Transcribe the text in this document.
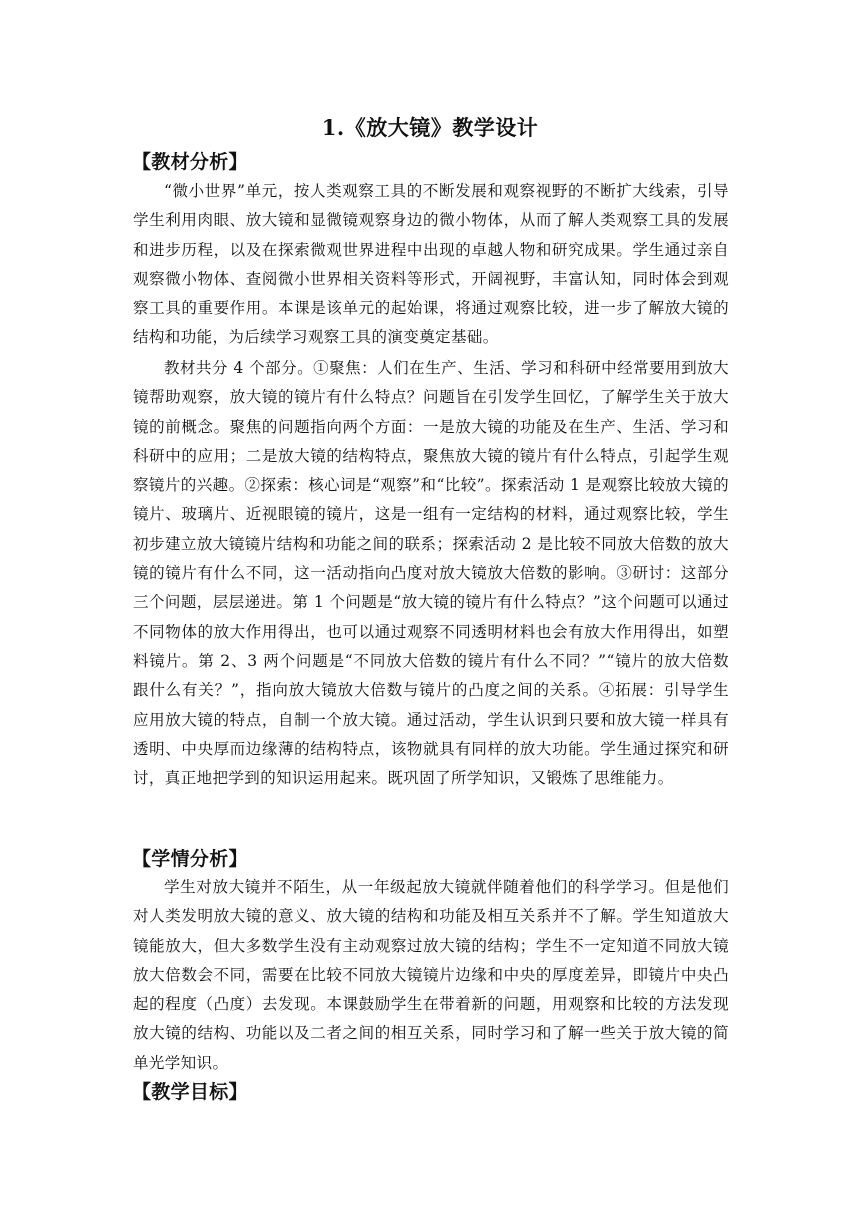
1.《放大镜》教学设计
【教材分析】

“微小世界”单元，按人类观察工具的不断发展和观察视野的不断扩大线索，引导学生利用肉眼、放大镜和显微镜观察身边的微小物体，从而了解人类观察工具的发展和进步历程，以及在探索微观世界进程中出现的卓越人物和研究成果。学生通过亲自观察微小物体、查阅微小世界相关资料等形式，开阔视野，丰富认知，同时体会到观察工具的重要作用。本课是该单元的起始课，将通过观察比较，进一步了解放大镜的结构和功能，为后续学习观察工具的演变奠定基础。

教材共分 4 个部分。①聚焦：人们在生产、生活、学习和科研中经常要用到放大镜帮助观察，放大镜的镜片有什么特点？问题旨在引发学生回忆，了解学生关于放大镜的前概念。聚焦的问题指向两个方面：一是放大镜的功能及在生产、生活、学习和科研中的应用；二是放大镜的结构特点，聚焦放大镜的镜片有什么特点，引起学生观察镜片的兴趣。②探索：核心词是“观察”和“比较”。探索活动 1 是观察比较放大镜的镜片、玻璃片、近视眼镜的镜片，这是一组有一定结构的材料，通过观察比较，学生初步建立放大镜镜片结构和功能之间的联系；探索活动 2 是比较不同放大倍数的放大镜的镜片有什么不同，这一活动指向凸度对放大镜放大倍数的影响。③研讨：这部分三个问题，层层递进。第 1 个问题是“放大镜的镜片有什么特点？”这个问题可以通过不同物体的放大作用得出，也可以通过观察不同透明材料也会有放大作用得出，如塑料镜片。第 2、3 两个问题是“不同放大倍数的镜片有什么不同？”“镜片的放大倍数跟什么有关？”，指向放大镜放大倍数与镜片的凸度之间的关系。④拓展：引导学生应用放大镜的特点，自制一个放大镜。通过活动，学生认识到只要和放大镜一样具有透明、中央厚而边缘薄的结构特点，该物就具有同样的放大功能。学生通过探究和研讨，真正地把学到的知识运用起来。既巩固了所学知识，又锻炼了思维能力。

【学情分析】

学生对放大镜并不陌生，从一年级起放大镜就伴随着他们的科学学习。但是他们对人类发明放大镜的意义、放大镜的结构和功能及相互关系并不了解。学生知道放大镜能放大，但大多数学生没有主动观察过放大镜的结构；学生不一定知道不同放大镜放大倍数会不同，需要在比较不同放大镜镜片边缘和中央的厚度差异，即镜片中央凸起的程度（凸度）去发现。本课鼓励学生在带着新的问题，用观察和比较的方法发现放大镜的结构、功能以及二者之间的相互关系，同时学习和了解一些关于放大镜的简单光学知识。

【教学目标】
